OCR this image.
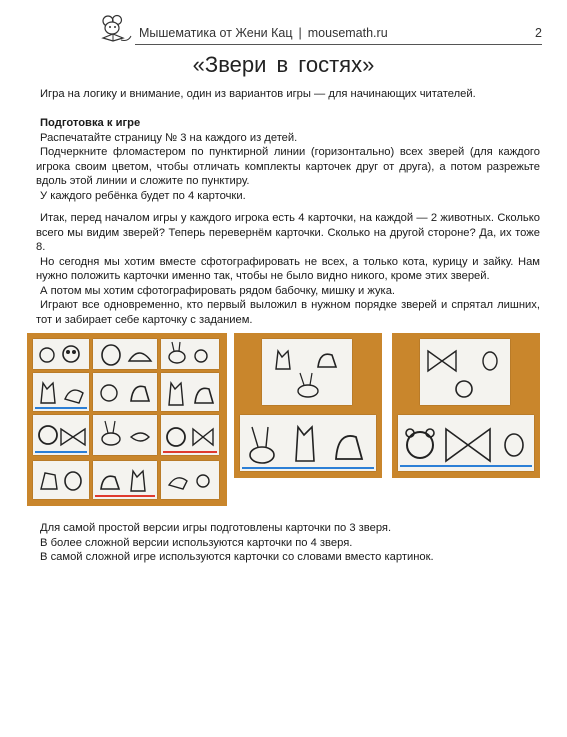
Мышематика от Жени Кац | mousemath.ru	2
«Звери в гостях»

Игра на логику и внимание, один из вариантов игры — для начинающих читателей.

Подготовка к игре

Распечатайте страницу № 3 на каждого из детей.

Подчеркните фломастером по пунктирной линии (горизонтально) всех зверей (для каждого игрока своим цветом, чтобы отличать комплекты карточек друг от друга), а потом разрежьте вдоль этой линии и сложите по пунктиру.

У каждого ребёнка будет по 4 карточки.

Итак, перед началом игры у каждого игрока есть 4 карточки, на каждой — 2 животных. Сколько всего мы видим зверей? Теперь перевернём карточки. Сколько на другой стороне? Да, их тоже 8.

Но сегодня мы хотим вместе сфотографировать не всех, а только кота, курицу и зайку. Нам нужно положить карточки именно так, чтобы не было видно никого, кроме этих зверей.

А потом мы хотим сфотографировать рядом бабочку, мишку и жука.

Играют все одновременно, кто первый выложил в нужном порядке зверей и спрятал лишних, тот и забирает себе карточку с заданием.

Для самой простой версии игры подготовлены карточки по 3 зверя.

В более сложной версии используются карточки по 4 зверя.

В самой сложной игре используются карточки со словами вместо картинок.
